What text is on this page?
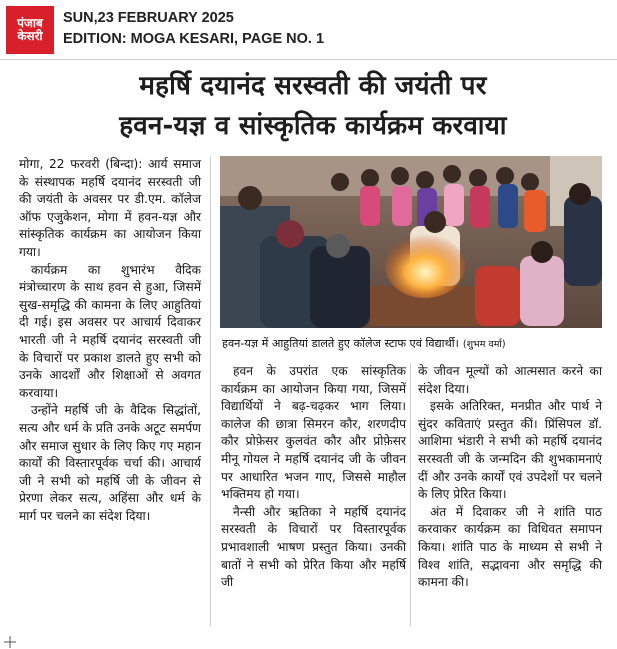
पंजाब
केसरी
SUN,23 FEBRUARY 2025
EDITION: MOGA KESARI, PAGE NO. 1
महर्षि दयानंद सरस्वती की जयंती पर
हवन-यज्ञ व सांस्कृतिक कार्यक्रम करवाया

मोगा, 22 फरवरी (बिन्दा): आर्य समाज के संस्थापक महर्षि दयानंद सरस्वती जी की जयंती के अवसर पर डी.एम. कॉलेज ऑफ एजुकेशन, मोगा में हवन-यज्ञ और सांस्कृतिक कार्यक्रम का आयोजन किया गया।

कार्यक्रम का शुभारंभ वैदिक मंत्रोच्चारण के साथ हवन से हुआ, जिसमें सुख-समृद्धि की कामना के लिए आहुतियां दी गई। इस अवसर पर आचार्य दिवाकर भारती जी ने महर्षि दयानंद सरस्वती जी के विचारों पर प्रकाश डालते हुए सभी को उनके आदर्शों और शिक्षाओं से अवगत करवाया।

उन्होंने महर्षि जी के वैदिक सिद्धांतों, सत्य और धर्म के प्रति उनके अटूट समर्पण और समाज सुधार के लिए किए गए महान कार्यों की विस्तारपूर्वक चर्चा की। आचार्य जी ने सभी को महर्षि जी के जीवन से प्रेरणा लेकर सत्य, अहिंसा और धर्म के मार्ग पर चलने का संदेश दिया।

हवन-यज्ञ में आहुतियां डालते हुए कॉलेज स्टाफ एवं विद्यार्थी। (शुभम वर्मा)

हवन के उपरांत एक सांस्कृतिक कार्यक्रम का आयोजन किया गया, जिसमें विद्यार्थियों ने बढ़-चढ़कर भाग लिया। कालेज की छात्रा सिमरन कौर, शरणदीप कौर प्रोफ़ेसर कुलवंत कौर और प्रोफ़ेसर मीनू गोयल ने महर्षि दयानंद जी के जीवन पर आधारित भजन गाए, जिससे माहौल भक्तिमय हो गया।

नैन्सी और ऋतिका ने महर्षि दयानंद सरस्वती के विचारों पर विस्तारपूर्वक प्रभावशाली भाषण प्रस्तुत किया। उनकी बातों ने सभी को प्रेरित किया और महर्षि जी

के जीवन मूल्यों को आत्मसात करने का संदेश दिया।

इसके अतिरिक्त, मनप्रीत और पार्थ ने सुंदर कविताएं प्रस्तुत कीं। प्रिंसिपल डॉ. आशिमा भंडारी ने सभी को महर्षि दयानंद सरस्वती जी के जन्मदिन की शुभकामनाएं दीं और उनके कार्यों एवं उपदेशों पर चलने के लिए प्रेरित किया।

अंत में दिवाकर जी ने शांति पाठ करवाकर कार्यक्रम का विधिवत समापन किया। शांति पाठ के माध्यम से सभी ने विश्व शांति, सद्भावना और समृद्धि की कामना की।
